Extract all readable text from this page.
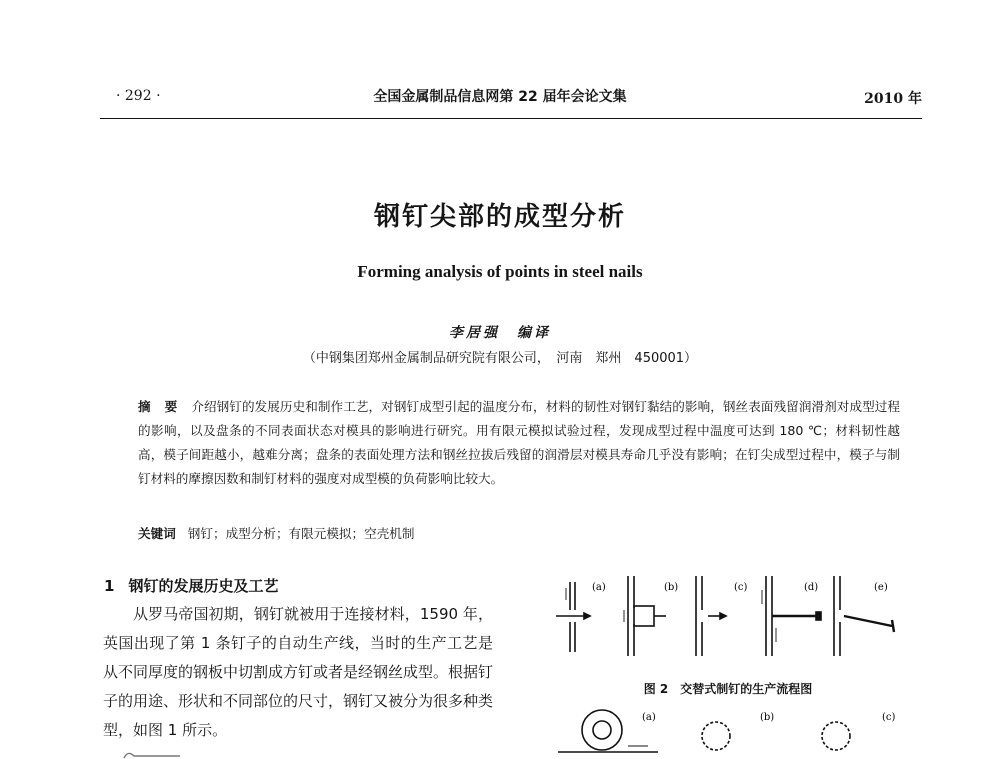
· 292 ·	全国金属制品信息网第 22 届年会论文集	2010 年
钢钉尖部的成型分析
Forming analysis of points in steel nails
李居强　编译
（中钢集团郑州金属制品研究院有限公司，　河南　郑州　450001）
摘要介绍钢钉的发展历史和制作工艺，对钢钉成型引起的温度分布，材料的韧性对钢钉黏结的影响，钢丝表面残留润滑剂对成型过程的影响，以及盘条的不同表面状态对模具的影响进行研究。用有限元模拟试验过程，发现成型过程中温度可达到 180 ℃；材料韧性越高，模子间距越小，越难分离；盘条的表面处理方法和钢丝拉拔后残留的润滑层对模具寿命几乎没有影响；在钉尖成型过程中，模子与制钉材料的摩擦因数和制钉材料的强度对成型模的负荷影响比较大。
关键词 钢钉；成型分析；有限元模拟；空壳机制
1 钢钉的发展历史及工艺
从罗马帝国初期，钢钉就被用于连接材料，1590 年，英国出现了第 1 条钉子的自动生产线，当时的生产工艺是从不同厚度的钢板中切割成方钉或者是经钢丝成型。根据钉子的用途、形状和不同部位的尺寸，钢钉又被分为很多种类型，如图 1 所示。
(a)	(b)	(c)	(d)	(e)
图 2　交替式制钉的生产流程图
(a)	(b)	(c)
